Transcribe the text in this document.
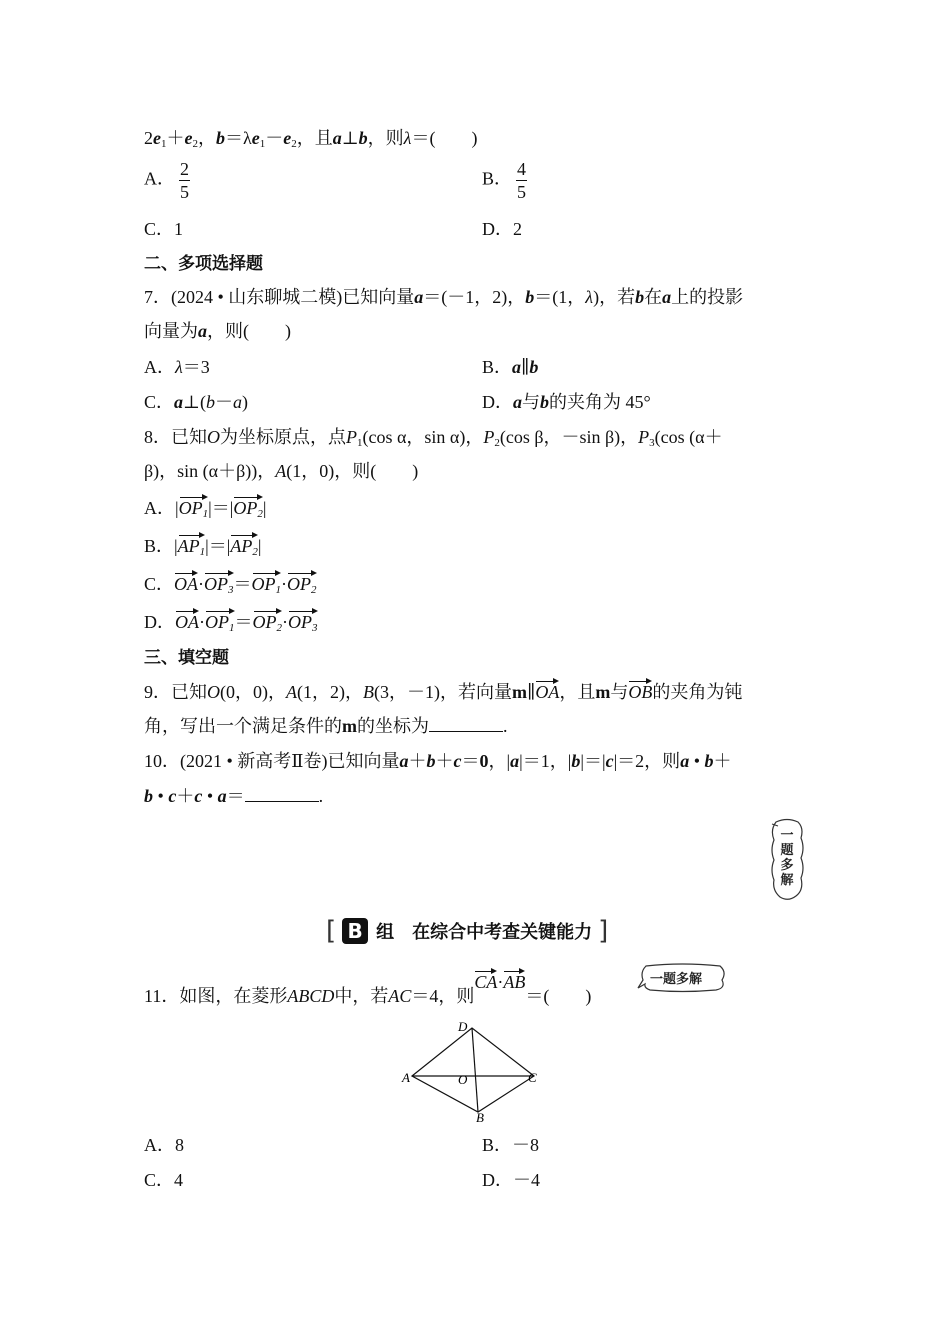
$2e_1+e_2$，$b=\lambda e_1-e_2$，且a⊥b，则λ＝(　　)
A． $\frac{2}{5}$	B． $\frac{4}{5}$
C．1	D．2
二、多项选择题
7．(2024 • 山东聊城二模)已知向量a＝(－1，2)，b＝(1，λ)，若b在a上的投影
向量为a，则(　　)
A．λ＝3	B．a∥b
C．a⊥(b－a)	D．a与b的夹角为 45°
8．已知O为坐标原点，点$P_1(\cos$ α，sin α)，$P_2(\cos$ β，－sin β)，$P_3(\cos$ (α＋
β)，sin (α＋β))，A(1，0)，则(　　)
A．$|OP_1|=|OP_2|$
B．$|AP_1|=|AP_2|$
C．$OA\cdot OP_3=OP_1\cdot OP_2$
D．$OA\cdot OP_1=OP_2\cdot OP_3$
三、填空题
9．已知O(0，0)，A(1，2)，B(3，－1)，若向量m∥OA，且m与OB的夹角为钝
角，写出一个满足条件的m的坐标为	.
10．(2021 • 新高考Ⅱ卷)已知向量a＋b＋c＝0，|a|＝1，|b|＝|c|＝2，则a • b＋
b • c＋c • a＝	.
一
题
多
解
[ B 组　在综合中考查关键能力 ]
11．如图，在菱形ABCD中，若AC＝4，则CA·AB＝(　　)
一题多解
D
A	O	C
B
A．8	B．－8
C．4	D．－4
